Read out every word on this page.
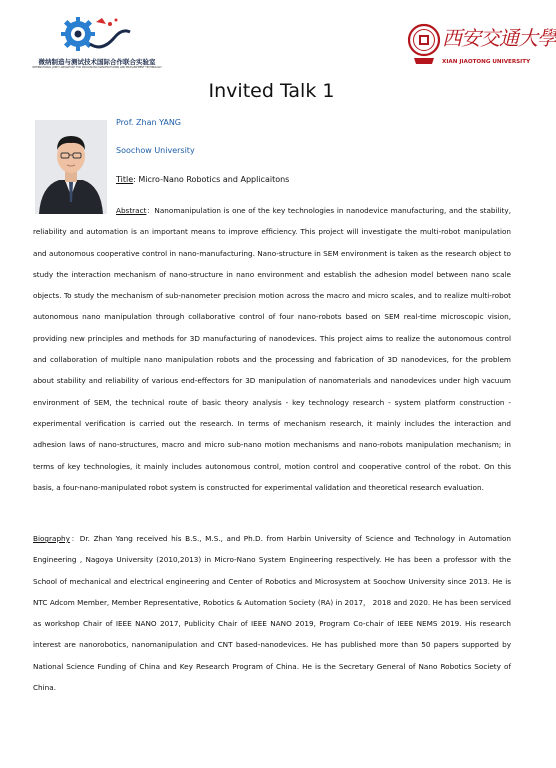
微纳制造与测试技术国际合作联合实验室
INTERNATIONAL JOINT LABORATORY FOR MICRO/NANO MANUFACTURING AND MEASUREMENT TECHNOLOGY
西安交通大學
XIAN JIAOTONG UNIVERSITY
Invited Talk 1
Prof. Zhan YANG
Soochow University
Title: Micro-Nano Robotics and Applicaitons

Abstract：Nanomanipulation is one of the key technologies in nanodevice manufacturing, and the stability, reliability and automation is an important means to improve efficiency. This project will investigate the multi-robot manipulation and autonomous cooperative control in nano-manufacturing. Nano-structure in SEM environment is taken as the research object to study the interaction mechanism of nano-structure in nano environment and establish the adhesion model between nano scale objects. To study the mechanism of sub-nanometer precision motion across the macro and micro scales, and to realize multi-robot autonomous nano manipulation through collaborative control of four nano-robots based on SEM real-time microscopic vision, providing new principles and methods for 3D manufacturing of nanodevices. This project aims to realize the autonomous control and collaboration of multiple nano manipulation robots and the processing and fabrication of 3D nanodevices, for the problem about stability and reliability of various end-effectors for 3D manipulation of nanomaterials and nanodevices under high vacuum environment of SEM, the technical route of basic theory analysis - key technology research - system platform construction - experimental verification is carried out the research. In terms of mechanism research, it mainly includes the interaction and adhesion laws of nano-structures, macro and micro sub-nano motion mechanisms and nano-robots manipulation mechanism; in terms of key technologies, it mainly includes autonomous control, motion control and cooperative control of the robot. On this basis, a four-nano-manipulated robot system is constructed for experimental validation and theoretical research evaluation.

Biography：Dr. Zhan Yang received his B.S., M.S., and Ph.D. from Harbin University of Science and Technology in Automation Engineering , Nagoya University (2010,2013) in Micro-Nano System Engineering respectively. He has been a professor with the School of mechanical and electrical engineering and Center of Robotics and Microsystem at Soochow University since 2013. He is NTC Adcom Member, Member Representative, Robotics & Automation Society (RA) in 2017， 2018 and 2020. He has been serviced as workshop Chair of IEEE NANO 2017, Publicity Chair of IEEE NANO 2019, Program Co-chair of IEEE NEMS 2019. His research interest are nanorobotics, nanomanipulation and CNT based-nanodevices. He has published more than 50 papers supported by National Science Funding of China and Key Research Program of China. He is the Secretary General of Nano Robotics Society of China.
